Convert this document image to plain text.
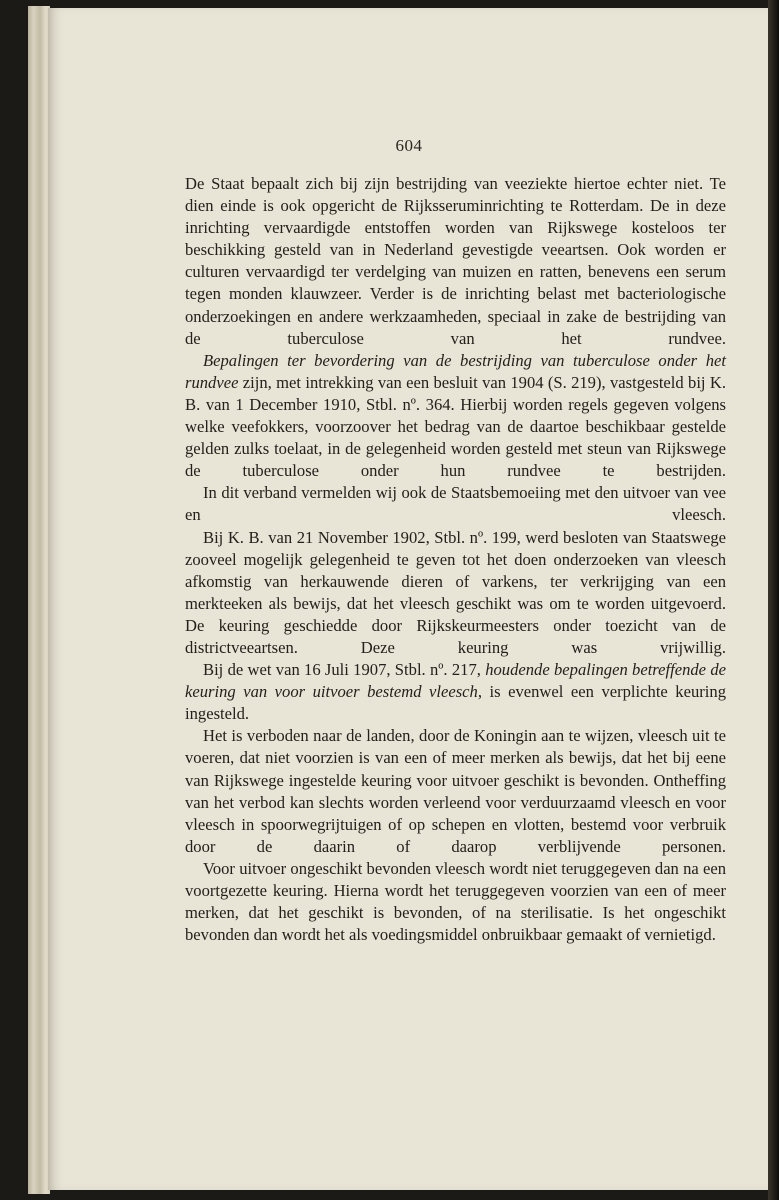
604

De Staat bepaalt zich bij zijn bestrijding van veeziekte hiertoe echter niet. Te dien einde is ook opgericht de Rijksseruminrichting te Rotterdam. De in deze inrichting vervaardigde entstoffen worden van Rijkswege kosteloos ter beschikking gesteld van in Nederland gevestigde veeartsen. Ook worden er culturen vervaardigd ter verdelging van muizen en ratten, benevens een serum tegen monden klauwzeer. Verder is de inrichting belast met bacteriologische onderzoekingen en andere werkzaamheden, speciaal in zake de bestrijding van de tuberculose van het rundvee.

Bepalingen ter bevordering van de bestrijding van tuberculose onder het rundvee zijn, met intrekking van een besluit van 1904 (S. 219), vastgesteld bij K. B. van 1 December 1910, Stbl. nº. 364. Hierbij worden regels gegeven volgens welke veefokkers, voorzoover het bedrag van de daartoe beschikbaar gestelde gelden zulks toelaat, in de gelegenheid worden gesteld met steun van Rijkswege de tuberculose onder hun rundvee te bestrijden.

In dit verband vermelden wij ook de Staatsbemoeiing met den uitvoer van vee en vleesch.

Bij K. B. van 21 November 1902, Stbl. nº. 199, werd besloten van Staatswege zooveel mogelijk gelegenheid te geven tot het doen onderzoeken van vleesch afkomstig van herkauwende dieren of varkens, ter verkrijging van een merkteeken als bewijs, dat het vleesch geschikt was om te worden uitgevoerd. De keuring geschiedde door Rijkskeurmeesters onder toezicht van de districtveeartsen. Deze keuring was vrijwillig.

Bij de wet van 16 Juli 1907, Stbl. nº. 217, houdende bepalingen betreffende de keuring van voor uitvoer bestemd vleesch, is evenwel een verplichte keuring ingesteld.

Het is verboden naar de landen, door de Koningin aan te wijzen, vleesch uit te voeren, dat niet voorzien is van een of meer merken als bewijs, dat het bij eene van Rijkswege ingestelde keuring voor uitvoer geschikt is bevonden. Ontheffing van het verbod kan slechts worden verleend voor verduurzaamd vleesch en voor vleesch in spoorwegrijtuigen of op schepen en vlotten, bestemd voor verbruik door de daarin of daarop verblijvende personen.

Voor uitvoer ongeschikt bevonden vleesch wordt niet teruggegeven dan na een voortgezette keuring. Hierna wordt het teruggegeven voorzien van een of meer merken, dat het geschikt is bevonden, of na sterilisatie. Is het ongeschikt bevonden dan wordt het als voedingsmiddel onbruikbaar gemaakt of vernietigd.
